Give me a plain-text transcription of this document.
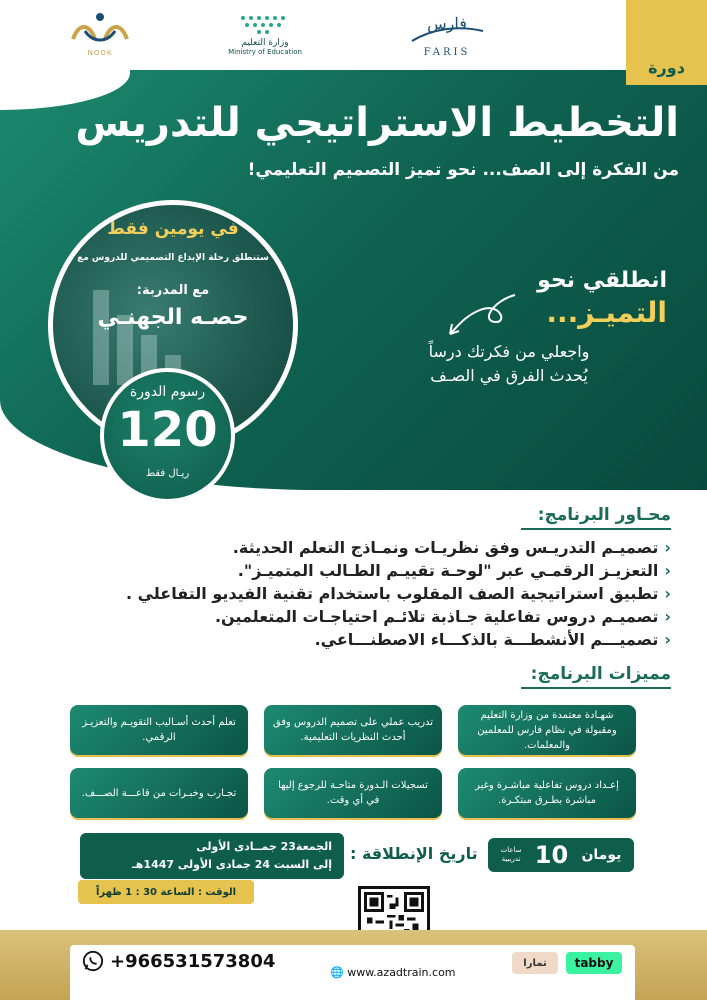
فارس
FARIS
وزارة التعليم
Ministry of Education
NOOK
دورة
التخطيط الاستراتيجي للتدريس
من الفكرة إلى الصف... نحو تميز التصميم التعليمي!
في يومين فقط
ستنطلق رحلة الإبداع التصميمي للدروس مع
مع المدربة:
حصـه الجهنـي
رسوم الدورة
120
ريـال فقط
انطلقي نحو
التميـز...
واجعلي من فكرتك درساً
يُحدث الفرق في الصـف
محـاور البرنامج:
‹تصميـم التدريـس وفق نظريـات ونمـاذج التعلم الحديثة.
‹التعزيـز الرقمـي عبر "لوحـة تقييـم الطـالب المتميـز".
‹تطبيق استراتيجية الصف المقلوب باستخدام تقنية الفيديو التفاعلي .
‹تصميـم دروس تفاعلية جـاذبة تلائـم احتياجـات المتعلمين.
‹تصميـــم الأنشطـــة بالذكـــاء الاصطنـــاعي.
مميزات البرنامج:
شهـادة معتمدة من وزارة التعليم ومقبولة في نظام فارس للمعلمين والمعلمات.
تدريب عملي على تصميم الدروس وفق أحدث النظريات التعليمية.
تعلم أحدث أسـاليب التقويـم والتعزيـز الرقمي.
إعـداد دروس تفاعلية مباشـرة وغير مباشرة بطـرق مبتكـرة.
تسجيلات الـدورة متاحـة للرجوع إليها في أي وقت.
تجـارب وخبـرات من قاعـــة الصـــف.
يومان
10
ساعات
تدريبية
تاريخ الإنطلاقة :
الجمعة23 جمــادى الأولى
إلى السبت 24 جمادى الأولى 1447هـ
الوقت : الساعة 30 : 1 ظهراً
+966531573804
🌐 www.azadtrain.com
تمارا	tabby
